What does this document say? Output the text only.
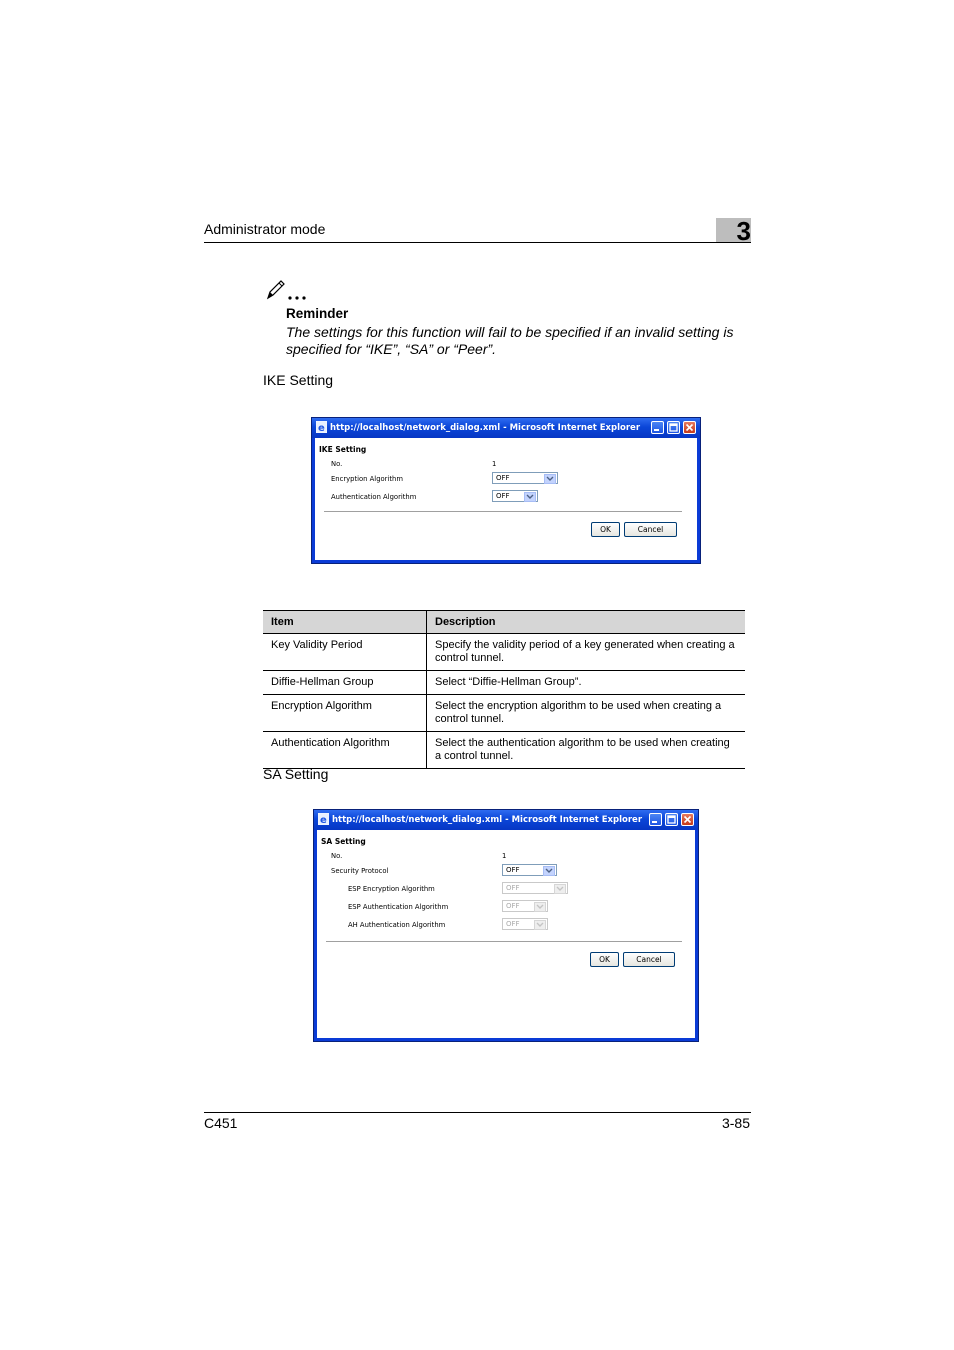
Administrator mode	3
Reminder
The settings for this function will fail to be specified if an invalid setting is specified for “IKE”, “SA” or “Peer”.
IKE Setting
e http://localhost/network_dialog.xml - Microsoft Internet Explorer
IKE Setting
No.	1
Encryption Algorithm	OFF
Authentication Algorithm	OFF
OK	Cancel
Item	Description
Key Validity Period	Specify the validity period of a key generated when creating a control tunnel.
Diffie-Hellman Group	Select “Diffie-Hellman Group”.
Encryption Algorithm	Select the encryption algorithm to be used when creating a control tunnel.
Authentication Algorithm	Select the authentication algorithm to be used when creating a control tunnel.
SA Setting
e http://localhost/network_dialog.xml - Microsoft Internet Explorer
SA Setting
No.	1
Security Protocol	OFF
ESP Encryption Algorithm	OFF
ESP Authentication Algorithm	OFF
AH Authentication Algorithm	OFF
OK	Cancel
C451	3-85
